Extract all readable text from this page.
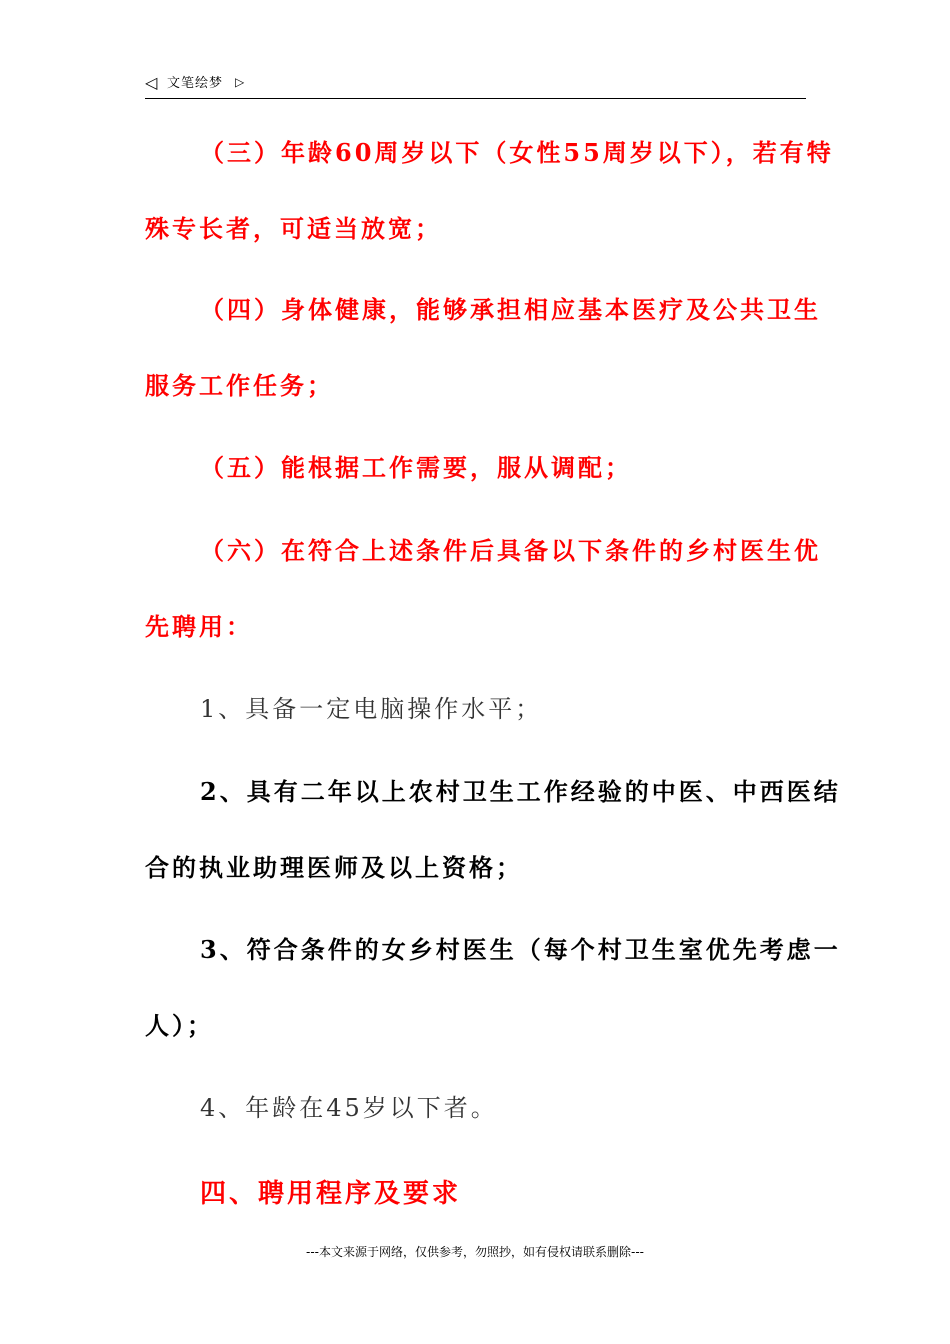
◁ 文笔绘梦 ▷
（三）年龄60周岁以下（女性55周岁以下），若有特
殊专长者，可适当放宽；
（四）身体健康，能够承担相应基本医疗及公共卫生
服务工作任务；
（五）能根据工作需要，服从调配；
（六）在符合上述条件后具备以下条件的乡村医生优
先聘用：
1、具备一定电脑操作水平；
2、具有二年以上农村卫生工作经验的中医、中西医结
合的执业助理医师及以上资格；
3、符合条件的女乡村医生（每个村卫生室优先考虑一
人）；
4、年龄在45岁以下者。
四、聘用程序及要求
---本文来源于网络，仅供参考，勿照抄，如有侵权请联系删除---
